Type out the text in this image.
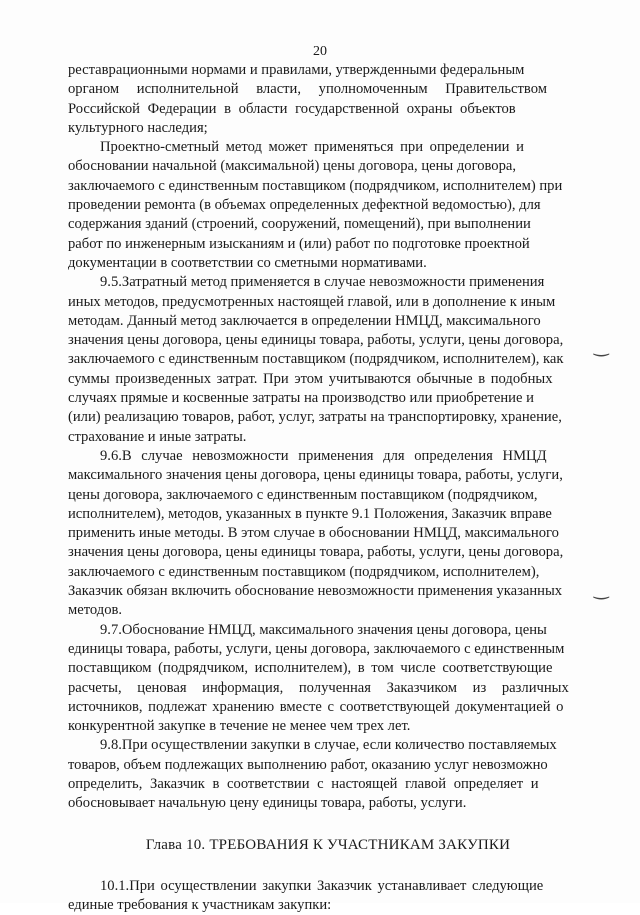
20
реставрационными нормами и правилами, утвержденными федеральным
органом исполнительной власти, уполномоченным Правительством
Российской Федерации в области государственной охраны объектов
культурного наследия;
Проектно-сметный метод может применяться при определении и
обосновании начальной (максимальной) цены договора, цены договора,
заключаемого с единственным поставщиком (подрядчиком, исполнителем) при
проведении ремонта (в объемах определенных дефектной ведомостью), для
содержания зданий (строений, сооружений, помещений), при выполнении
работ по инженерным изысканиям и (или) работ по подготовке проектной
документации в соответствии со сметными нормативами.
9.5.Затратный метод применяется в случае невозможности применения
иных методов, предусмотренных настоящей главой, или в дополнение к иным
методам. Данный метод заключается в определении НМЦД, максимального
значения цены договора, цены единицы товара, работы, услуги, цены договора,
заключаемого с единственным поставщиком (подрядчиком, исполнителем), как
суммы произведенных затрат. При этом учитываются обычные в подобных
случаях прямые и косвенные затраты на производство или приобретение и
(или) реализацию товаров, работ, услуг, затраты на транспортировку, хранение,
страхование и иные затраты.
9.6.В случае невозможности применения для определения НМЦД
максимального значения цены договора, цены единицы товара, работы, услуги,
цены договора, заключаемого с единственным поставщиком (подрядчиком,
исполнителем), методов, указанных в пункте 9.1 Положения, Заказчик вправе
применить иные методы. В этом случае в обосновании НМЦД, максимального
значения цены договора, цены единицы товара, работы, услуги, цены договора,
заключаемого с единственным поставщиком (подрядчиком, исполнителем),
Заказчик обязан включить обоснование невозможности применения указанных
методов.
9.7.Обоснование НМЦД, максимального значения цены договора, цены
единицы товара, работы, услуги, цены договора, заключаемого с единственным
поставщиком (подрядчиком, исполнителем), в том числе соответствующие
расчеты, ценовая информация, полученная Заказчиком из различных
источников, подлежат хранению вместе с соответствующей документацией о
конкурентной закупке в течение не менее чем трех лет.
9.8.При осуществлении закупки в случае, если количество поставляемых
товаров, объем подлежащих выполнению работ, оказанию услуг невозможно
определить, Заказчик в соответствии с настоящей главой определяет и
обосновывает начальную цену единицы товара, работы, услуги.
Глава 10. ТРЕБОВАНИЯ К УЧАСТНИКАМ ЗАКУПКИ
10.1.При осуществлении закупки Заказчик устанавливает следующие
единые требования к участникам закупки:
‿
‿
